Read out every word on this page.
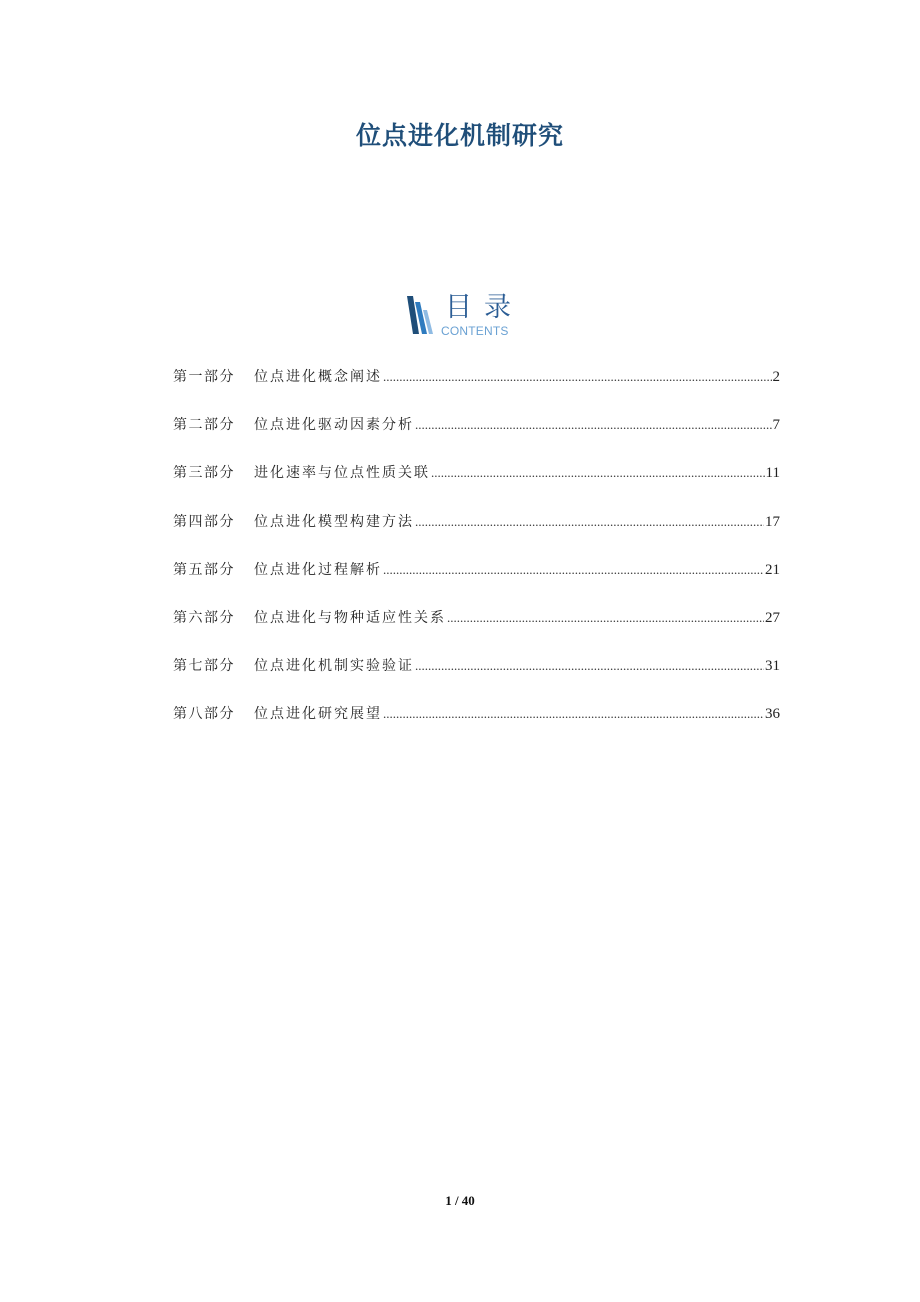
位点进化机制研究
目录
CONTENTS
第一部分	位点进化概念阐述 .....	2
第二部分	位点进化驱动因素分析 .....	7
第三部分	进化速率与位点性质关联 .....	11
第四部分	位点进化模型构建方法 .....	17
第五部分	位点进化过程解析 .....	21
第六部分	位点进化与物种适应性关系 .....	27
第七部分	位点进化机制实验验证 .....	31
第八部分	位点进化研究展望 .....	36
1 / 40
